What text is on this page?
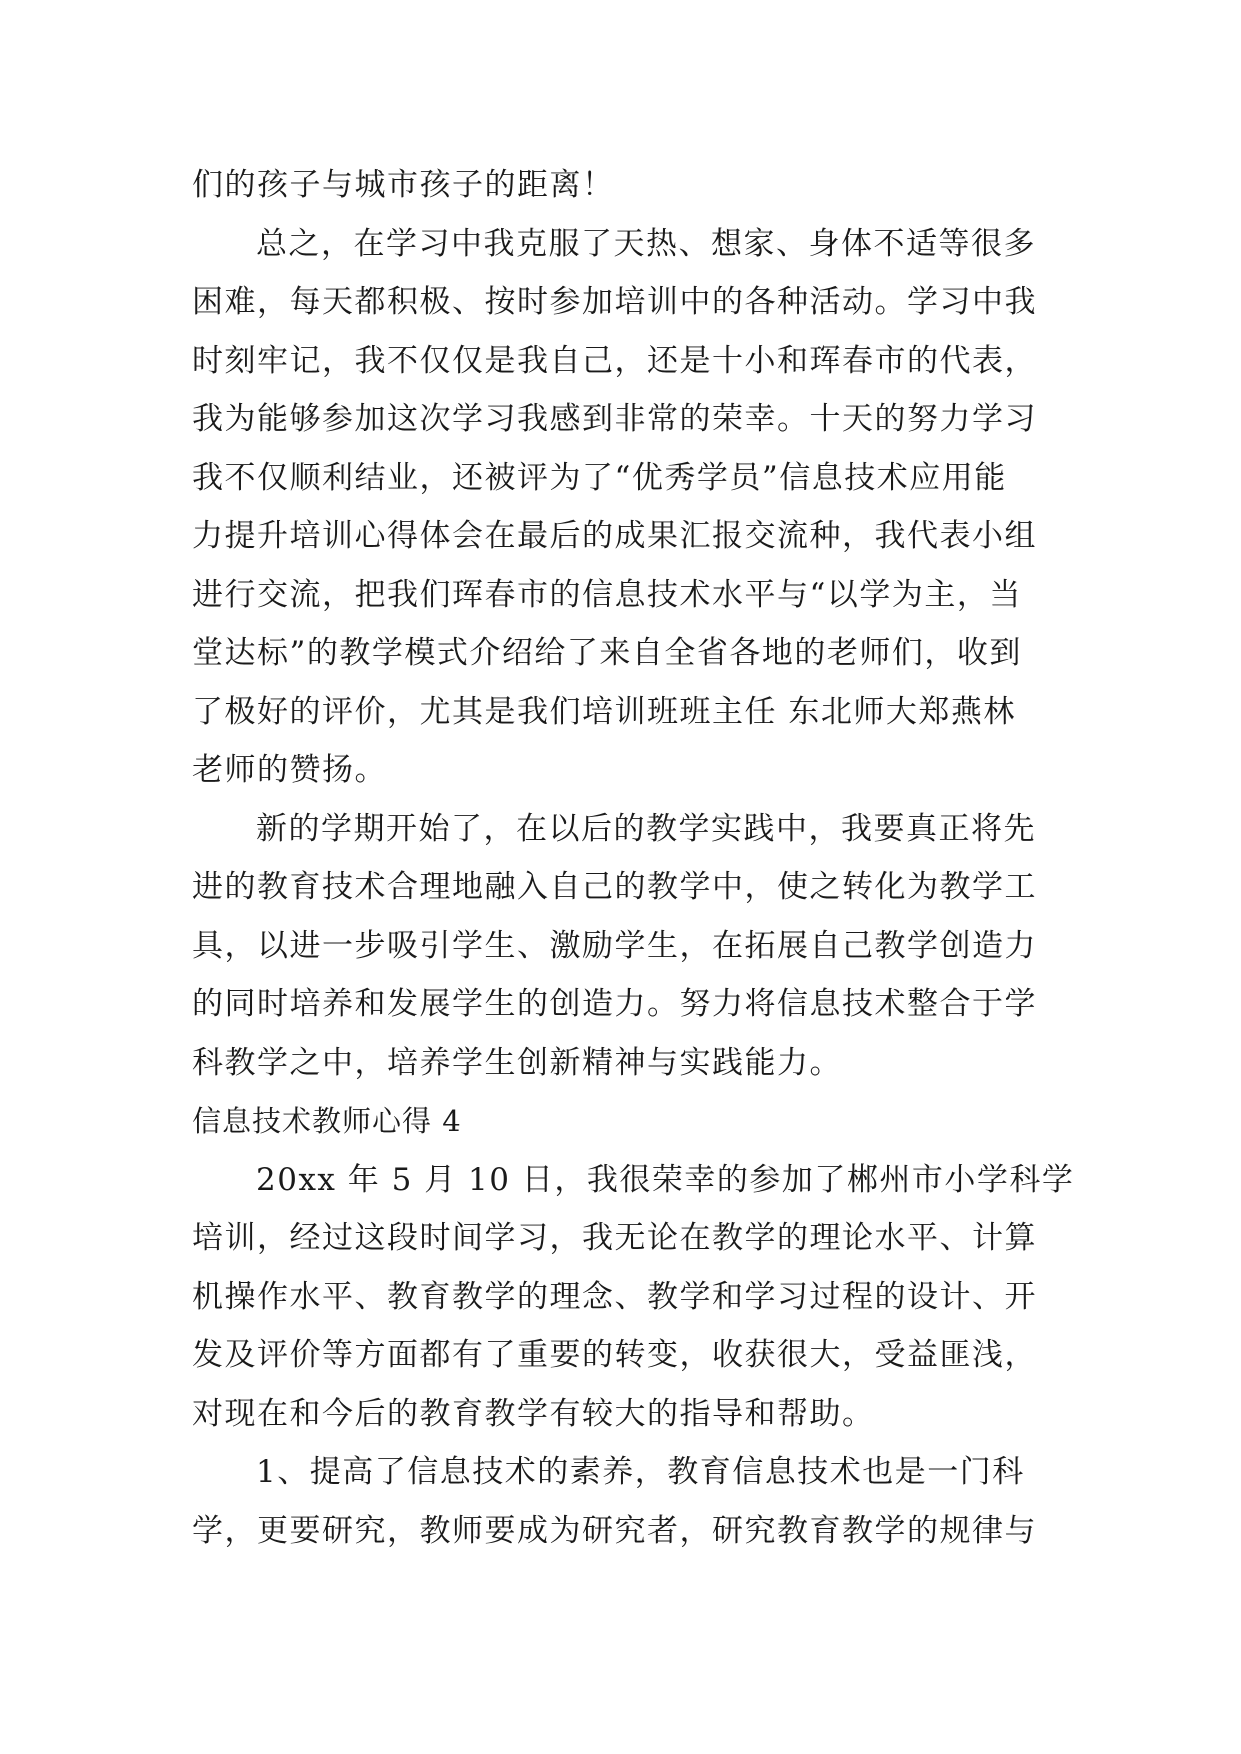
们的孩子与城市孩子的距离！
总之，在学习中我克服了天热、想家、身体不适等很多
困难，每天都积极、按时参加培训中的各种活动。学习中我
时刻牢记，我不仅仅是我自己，还是十小和珲春市的代表，
我为能够参加这次学习我感到非常的荣幸。十天的努力学习
我不仅顺利结业，还被评为了“优秀学员”信息技术应用能
力提升培训心得体会在最后的成果汇报交流种，我代表小组
进行交流，把我们珲春市的信息技术水平与“以学为主，当
堂达标”的教学模式介绍给了来自全省各地的老师们，收到
了极好的评价，尤其是我们培训班班主任 东北师大郑燕林
老师的赞扬。
新的学期开始了，在以后的教学实践中，我要真正将先
进的教育技术合理地融入自己的教学中，使之转化为教学工
具，以进一步吸引学生、激励学生，在拓展自己教学创造力
的同时培养和发展学生的创造力。努力将信息技术整合于学
科教学之中，培养学生创新精神与实践能力。
信息技术教师心得 4
20xx 年 5 月 10 日，我很荣幸的参加了郴州市小学科学
培训，经过这段时间学习，我无论在教学的理论水平、计算
机操作水平、教育教学的理念、教学和学习过程的设计、开
发及评价等方面都有了重要的转变，收获很大，受益匪浅，
对现在和今后的教育教学有较大的指导和帮助。
1、提高了信息技术的素养，教育信息技术也是一门科
学，更要研究，教师要成为研究者，研究教育教学的规律与
